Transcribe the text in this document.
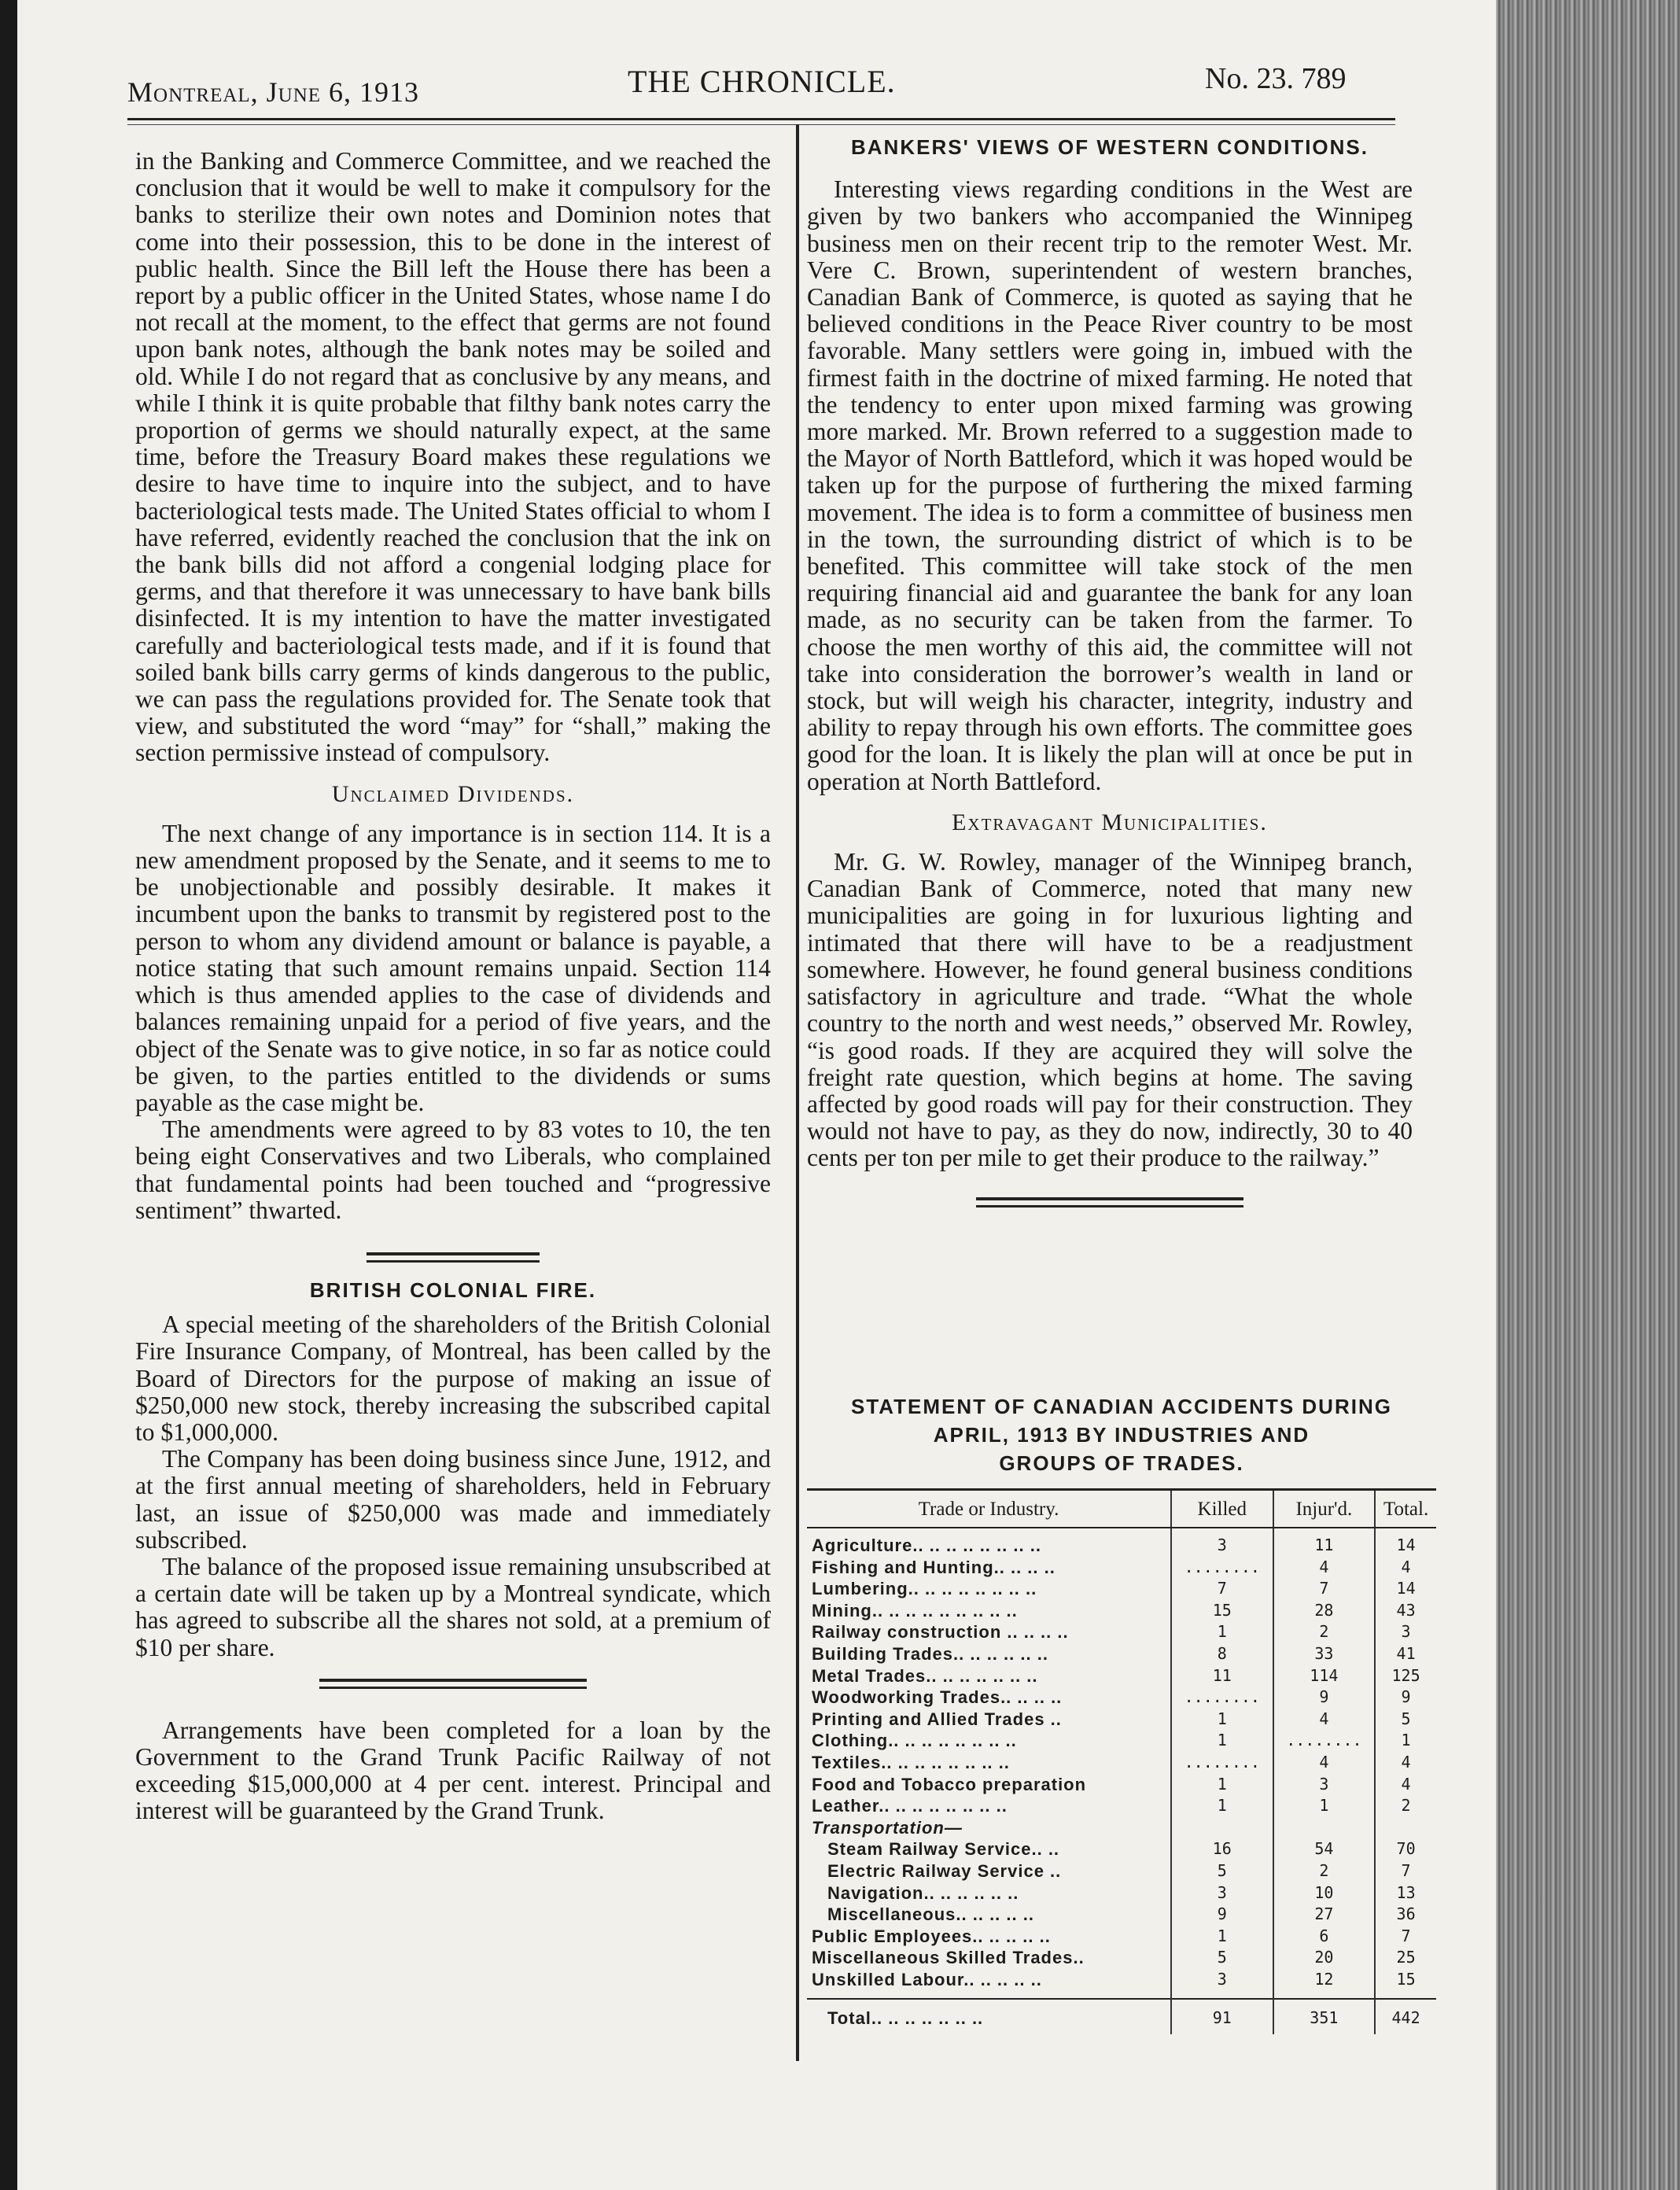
Montreal, June 6, 1913	THE CHRONICLE.	No. 23. 789

in the Banking and Commerce Committee, and we reached the conclusion that it would be well to make it compulsory for the banks to sterilize their own notes and Dominion notes that come into their possession, this to be done in the interest of public health. Since the Bill left the House there has been a report by a public officer in the United States, whose name I do not recall at the moment, to the effect that germs are not found upon bank notes, although the bank notes may be soiled and old. While I do not regard that as conclusive by any means, and while I think it is quite probable that filthy bank notes carry the proportion of germs we should naturally expect, at the same time, before the Treasury Board makes these regulations we desire to have time to inquire into the subject, and to have bacteriological tests made. The United States official to whom I have referred, evidently reached the conclusion that the ink on the bank bills did not afford a congenial lodging place for germs, and that therefore it was unnecessary to have bank bills disinfected. It is my intention to have the matter investigated carefully and bacteriological tests made, and if it is found that soiled bank bills carry germs of kinds dangerous to the public, we can pass the regulations provided for. The Senate took that view, and substituted the word “may” for “shall,” making the section permissive instead of compulsory.

Unclaimed Dividends.

The next change of any importance is in section 114. It is a new amendment proposed by the Senate, and it seems to me to be unobjectionable and possibly desirable. It makes it incumbent upon the banks to transmit by registered post to the person to whom any dividend amount or balance is payable, a notice stating that such amount remains unpaid. Section 114 which is thus amended applies to the case of dividends and balances remaining unpaid for a period of five years, and the object of the Senate was to give notice, in so far as notice could be given, to the parties entitled to the dividends or sums payable as the case might be.

The amendments were agreed to by 83 votes to 10, the ten being eight Conservatives and two Liberals, who complained that fundamental points had been touched and “progressive sentiment” thwarted.

BRITISH COLONIAL FIRE.

A special meeting of the shareholders of the British Colonial Fire Insurance Company, of Montreal, has been called by the Board of Directors for the purpose of making an issue of $250,000 new stock, thereby increasing the subscribed capital to $1,000,000.

The Company has been doing business since June, 1912, and at the first annual meeting of shareholders, held in February last, an issue of $250,000 was made and immediately subscribed.

The balance of the proposed issue remaining unsubscribed at a certain date will be taken up by a Montreal syndicate, which has agreed to subscribe all the shares not sold, at a premium of $10 per share.

Arrangements have been completed for a loan by the Government to the Grand Trunk Pacific Railway of not exceeding $15,000,000 at 4 per cent. interest. Principal and interest will be guaranteed by the Grand Trunk.

BANKERS' VIEWS OF WESTERN CONDITIONS.

Interesting views regarding conditions in the West are given by two bankers who accompanied the Winnipeg business men on their recent trip to the remoter West. Mr. Vere C. Brown, superintendent of western branches, Canadian Bank of Commerce, is quoted as saying that he believed conditions in the Peace River country to be most favorable. Many settlers were going in, imbued with the firmest faith in the doctrine of mixed farming. He noted that the tendency to enter upon mixed farming was growing more marked. Mr. Brown referred to a suggestion made to the Mayor of North Battleford, which it was hoped would be taken up for the purpose of furthering the mixed farming movement. The idea is to form a committee of business men in the town, the surrounding district of which is to be benefited. This committee will take stock of the men requiring financial aid and guarantee the bank for any loan made, as no security can be taken from the farmer. To choose the men worthy of this aid, the committee will not take into consideration the borrower’s wealth in land or stock, but will weigh his character, integrity, industry and ability to repay through his own efforts. The committee goes good for the loan. It is likely the plan will at once be put in operation at North Battleford.

Extravagant Municipalities.

Mr. G. W. Rowley, manager of the Winnipeg branch, Canadian Bank of Commerce, noted that many new municipalities are going in for luxurious lighting and intimated that there will have to be a readjustment somewhere. However, he found general business conditions satisfactory in agriculture and trade. “What the whole country to the north and west needs,” observed Mr. Rowley, “is good roads. If they are acquired they will solve the freight rate question, which begins at home. The saving affected by good roads will pay for their construction. They would not have to pay, as they do now, indirectly, 30 to 40 cents per ton per mile to get their produce to the railway.”

STATEMENT OF CANADIAN ACCIDENTS DURING
APRIL, 1913 BY INDUSTRIES AND
GROUPS OF TRADES.
Trade or Industry.	Killed	Injur'd.	Total.
Agriculture.. .. .. .. .. .. .. ..	3	11	14
Fishing and Hunting.. .. .. ..	........	4	4
Lumbering.. .. .. .. .. .. .. ..	7	7	14
Mining.. .. .. .. .. .. .. .. ..	15	28	43
Railway construction .. .. .. ..	1	2	3
Building Trades.. .. .. .. .. ..	8	33	41
Metal Trades.. .. .. .. .. .. ..	11	114	125
Woodworking Trades.. .. .. ..	........	9	9
Printing and Allied Trades ..	1	4	5
Clothing.. .. .. .. .. .. .. ..	1	........	1
Textiles.. .. .. .. .. .. .. ..	........	4	4
Food and Tobacco preparation	1	3	4
Leather.. .. .. .. .. .. .. ..	1	1	2
Transportation—			
Steam Railway Service.. ..	16	54	70
Electric Railway Service ..	5	2	7
Navigation.. .. .. .. .. ..	3	10	13
Miscellaneous.. .. .. .. ..	9	27	36
Public Employees.. .. .. .. ..	1	6	7
Miscellaneous Skilled Trades..	5	20	25
Unskilled Labour.. .. .. .. ..	3	12	15
Total.. .. .. .. .. .. ..	91	351	442
